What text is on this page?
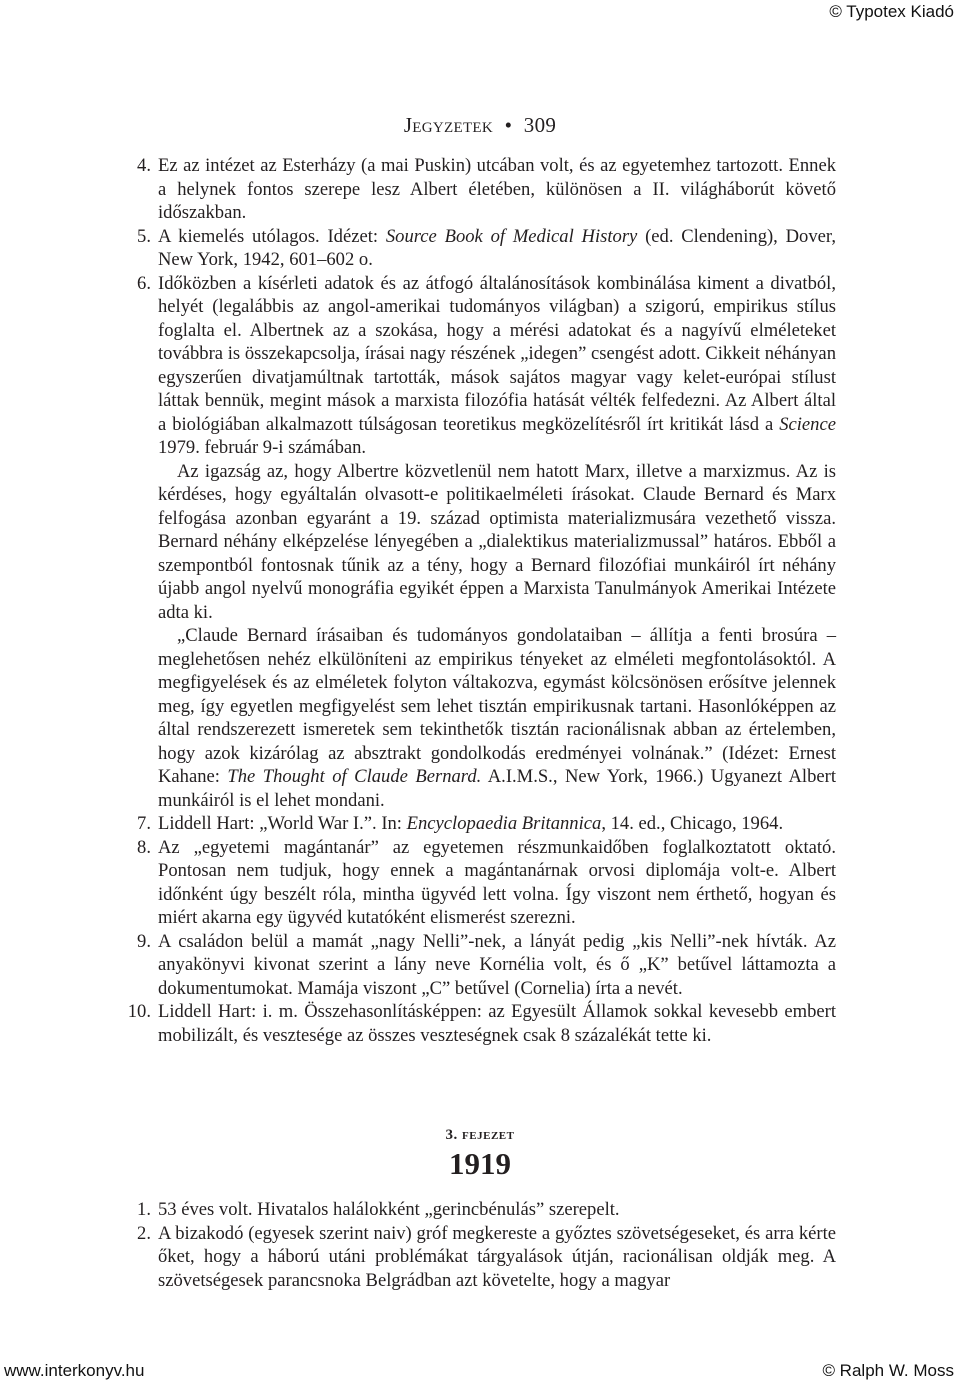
© Typotex Kiadó
Jegyzetek • 309
4. Ez az intézet az Esterházy (a mai Puskin) utcában volt, és az egyetemhez tartozott. Ennek a helynek fontos szerepe lesz Albert életében, különösen a II. világháborút követő időszakban.

5. A kiemelés utólagos. Idézet: Source Book of Medical History (ed. Clendening), Dover, New York, 1942, 601–602 o.

6. Időközben a kísérleti adatok és az átfogó általánosítások kombinálása kiment a divatból, helyét (legalábbis az angol-amerikai tudományos világban) a szigorú, empirikus stílus foglalta el. Albertnek az a szokása, hogy a mérési adatokat és a nagyívű elméleteket továbbra is összekapcsolja, írásai nagy részének „idegen” csengést adott. Cikkeit néhányan egyszerűen divatjamúltnak tartották, mások sajátos magyar vagy kelet-európai stílust láttak bennük, megint mások a marxista filozófia hatását vélték felfedezni. Az Albert által a biológiában alkalmazott túlságosan teoretikus megközelítésről írt kritikát lásd a Science 1979. február 9-i számában.

Az igazság az, hogy Albertre közvetlenül nem hatott Marx, illetve a marxizmus. Az is kérdéses, hogy egyáltalán olvasott-e politikaelméleti írásokat. Claude Bernard és Marx felfogása azonban egyaránt a 19. század optimista materializmusára vezethető vissza. Bernard néhány elképzelése lényegében a „dialektikus materializmussal” határos. Ebből a szempontból fontosnak tűnik az a tény, hogy a Bernard filozófiai munkáiról írt néhány újabb angol nyelvű monográfia egyikét éppen a Marxista Tanulmányok Amerikai Intézete adta ki.

„Claude Bernard írásaiban és tudományos gondolataiban – állítja a fenti brosúra – meglehetősen nehéz elkülöníteni az empirikus tényeket az elméleti megfontolásoktól. A megfigyelések és az elméletek folyton váltakozva, egymást kölcsönösen erősítve jelennek meg, így egyetlen megfigyelést sem lehet tisztán empirikusnak tartani. Hasonlóképpen az által rendszerezett ismeretek sem tekinthetők tisztán racionálisnak abban az értelemben, hogy azok kizárólag az absztrakt gondolkodás eredményei volnának.” (Idézet: Ernest Kahane: The Thought of Claude Bernard. A.I.M.S., New York, 1966.) Ugyanezt Albert munkáiról is el lehet mondani.

7. Liddell Hart: „World War I.”. In: Encyclopaedia Britannica, 14. ed., Chicago, 1964.

8. Az „egyetemi magántanár” az egyetemen részmunkaidőben foglalkoztatott oktató. Pontosan nem tudjuk, hogy ennek a magántanárnak orvosi diplomája volt-e. Albert időnként úgy beszélt róla, mintha ügyvéd lett volna. Így viszont nem érthető, hogyan és miért akarna egy ügyvéd kutatóként elismerést szerezni.

9. A családon belül a mamát „nagy Nelli”-nek, a lányát pedig „kis Nelli”-nek hívták. Az anyakönyvi kivonat szerint a lány neve Kornélia volt, és ő „K” betűvel láttamozta a dokumentumokat. Mamája viszont „C” betűvel (Cornelia) írta a nevét.

10. Liddell Hart: i. m. Összehasonlításképpen: az Egyesült Államok sokkal kevesebb embert mobilizált, és vesztesége az összes veszteségnek csak 8 százalékát tette ki.

3. fejezet
1919
1. 53 éves volt. Hivatalos halálokként „gerincbénulás” szerepelt.

2. A bizakodó (egyesek szerint naiv) gróf megkereste a győztes szövetségeseket, és arra kérte őket, hogy a háború utáni problémákat tárgyalások útján, racionálisan oldják meg. A szövetségesek parancsnoka Belgrádban azt követelte, hogy a magyar

www.interkonyv.hu	© Ralph W. Moss
